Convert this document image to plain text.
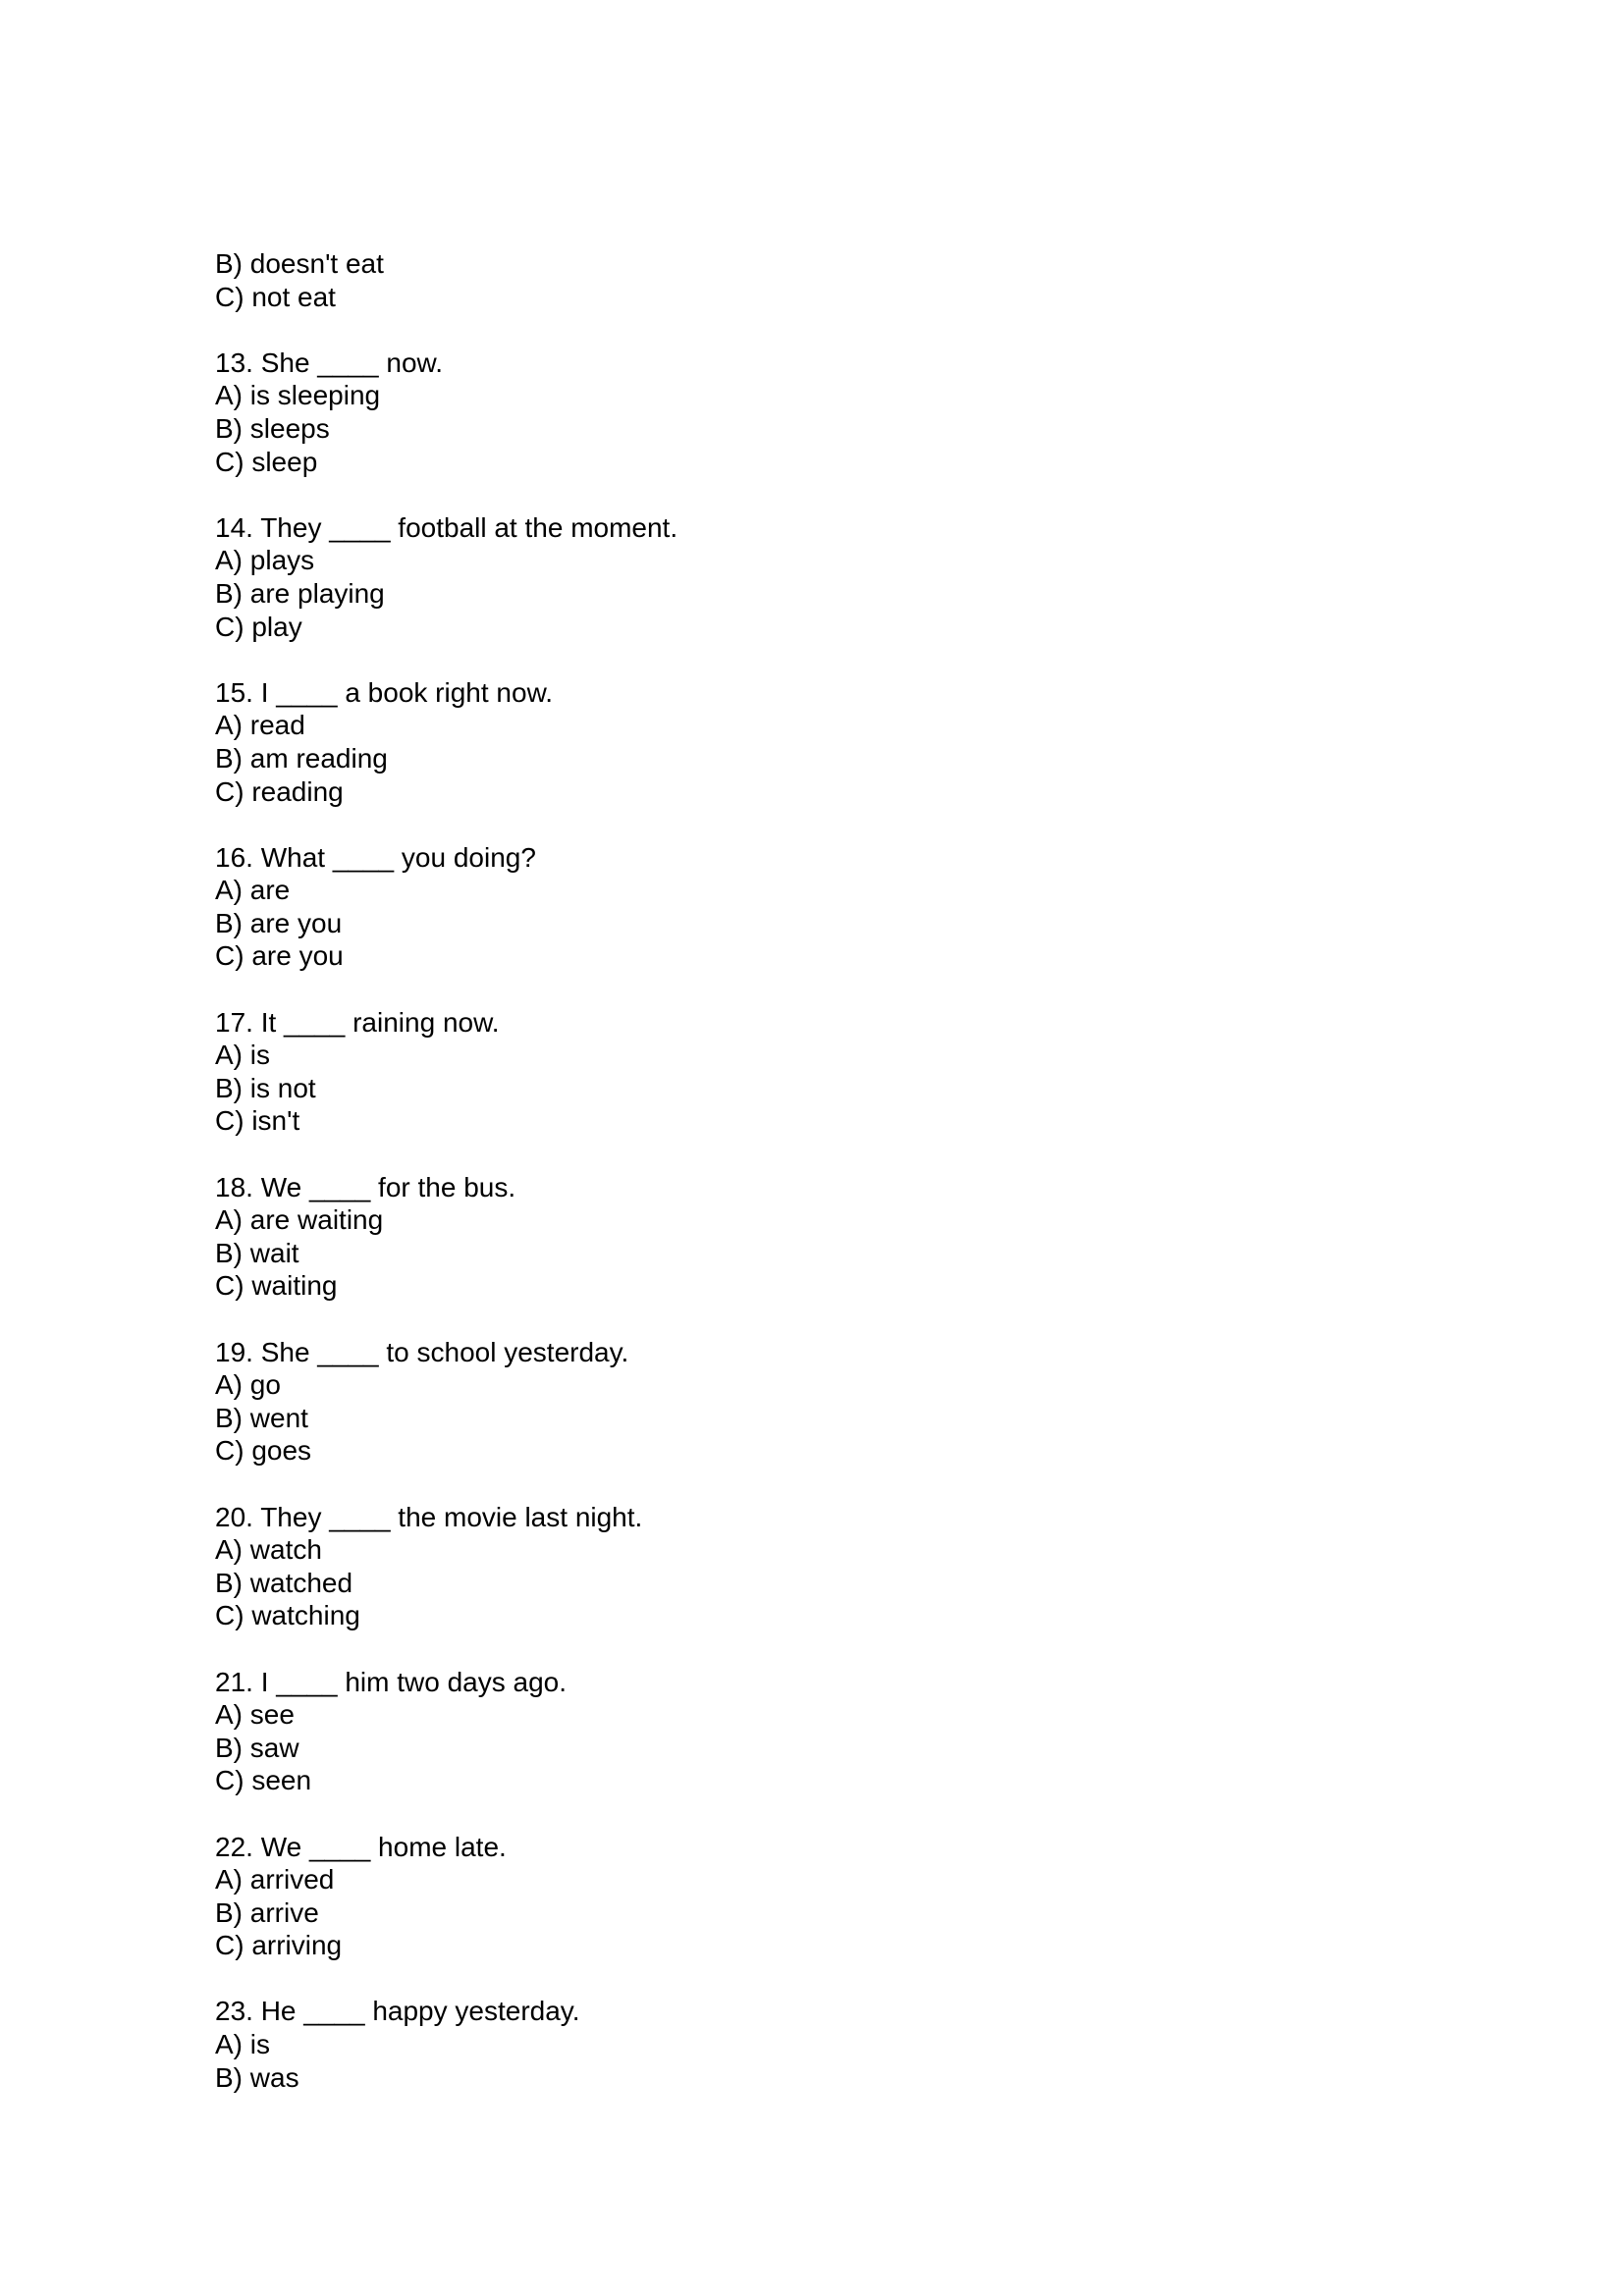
B) doesn't eat
C) not eat
13. She ____ now.
A) is sleeping
B) sleeps
C) sleep
14. They ____ football at the moment.
A) plays
B) are playing
C) play
15. I ____ a book right now.
A) read
B) am reading
C) reading
16. What ____ you doing?
A) are
B) are you
C) are you
17. It ____ raining now.
A) is
B) is not
C) isn't
18. We ____ for the bus.
A) are waiting
B) wait
C) waiting
19. She ____ to school yesterday.
A) go
B) went
C) goes
20. They ____ the movie last night.
A) watch
B) watched
C) watching
21. I ____ him two days ago.
A) see
B) saw
C) seen
22. We ____ home late.
A) arrived
B) arrive
C) arriving
23. He ____ happy yesterday.
A) is
B) was
